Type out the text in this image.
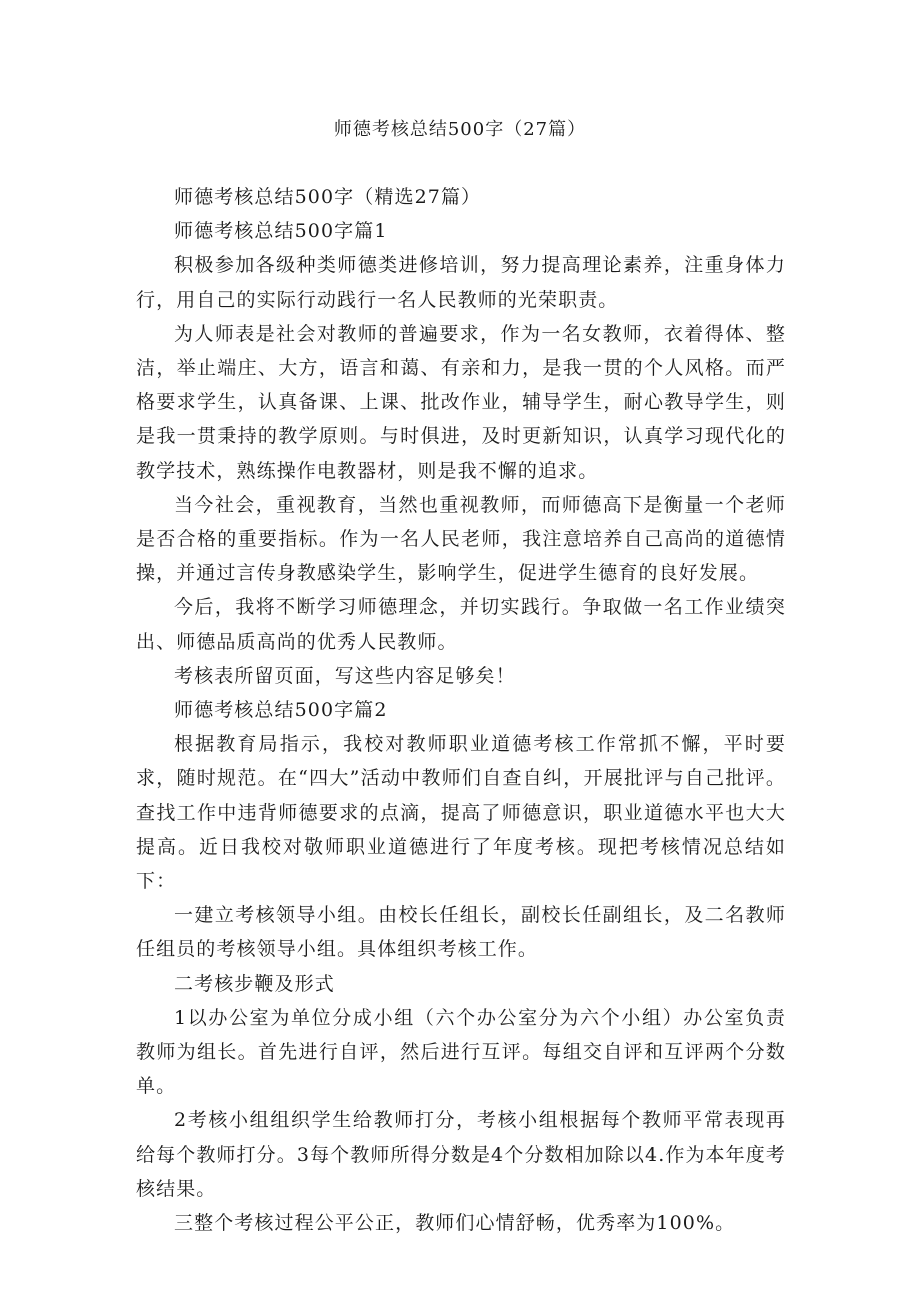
师德考核总结500字（27篇）

师德考核总结500字（精选27篇）

师德考核总结500字篇1

积极参加各级种类师德类进修培训，努力提高理论素养，注重身体力行，用自己的实际行动践行一名人民教师的光荣职责。

为人师表是社会对教师的普遍要求，作为一名女教师，衣着得体、整洁，举止端庄、大方，语言和蔼、有亲和力，是我一贯的个人风格。而严格要求学生，认真备课、上课、批改作业，辅导学生，耐心教导学生，则是我一贯秉持的教学原则。与时俱进，及时更新知识，认真学习现代化的教学技术，熟练操作电教器材，则是我不懈的追求。

当今社会，重视教育，当然也重视教师，而师德高下是衡量一个老师是否合格的重要指标。作为一名人民老师，我注意培养自己高尚的道德情操，并通过言传身教感染学生，影响学生，促进学生德育的良好发展。

今后，我将不断学习师德理念，并切实践行。争取做一名工作业绩突出、师德品质高尚的优秀人民教师。

考核表所留页面，写这些内容足够矣！

师德考核总结500字篇2

根据教育局指示，我校对教师职业道德考核工作常抓不懈，平时要求，随时规范。在“四大”活动中教师们自查自纠，开展批评与自己批评。查找工作中违背师德要求的点滴，提高了师德意识，职业道德水平也大大提高。近日我校对敬师职业道德进行了年度考核。现把考核情况总结如下：

一建立考核领导小组。由校长任组长，副校长任副组长，及二名教师任组员的考核领导小组。具体组织考核工作。

二考核步鞭及形式

1以办公室为单位分成小组（六个办公室分为六个小组）办公室负责教师为组长。首先进行自评，然后进行互评。每组交自评和互评两个分数单。

2考核小组组织学生给教师打分，考核小组根据每个教师平常表现再给每个教师打分。3每个教师所得分数是4个分数相加除以4.作为本年度考核结果。

三整个考核过程公平公正，教师们心情舒畅，优秀率为100%。
